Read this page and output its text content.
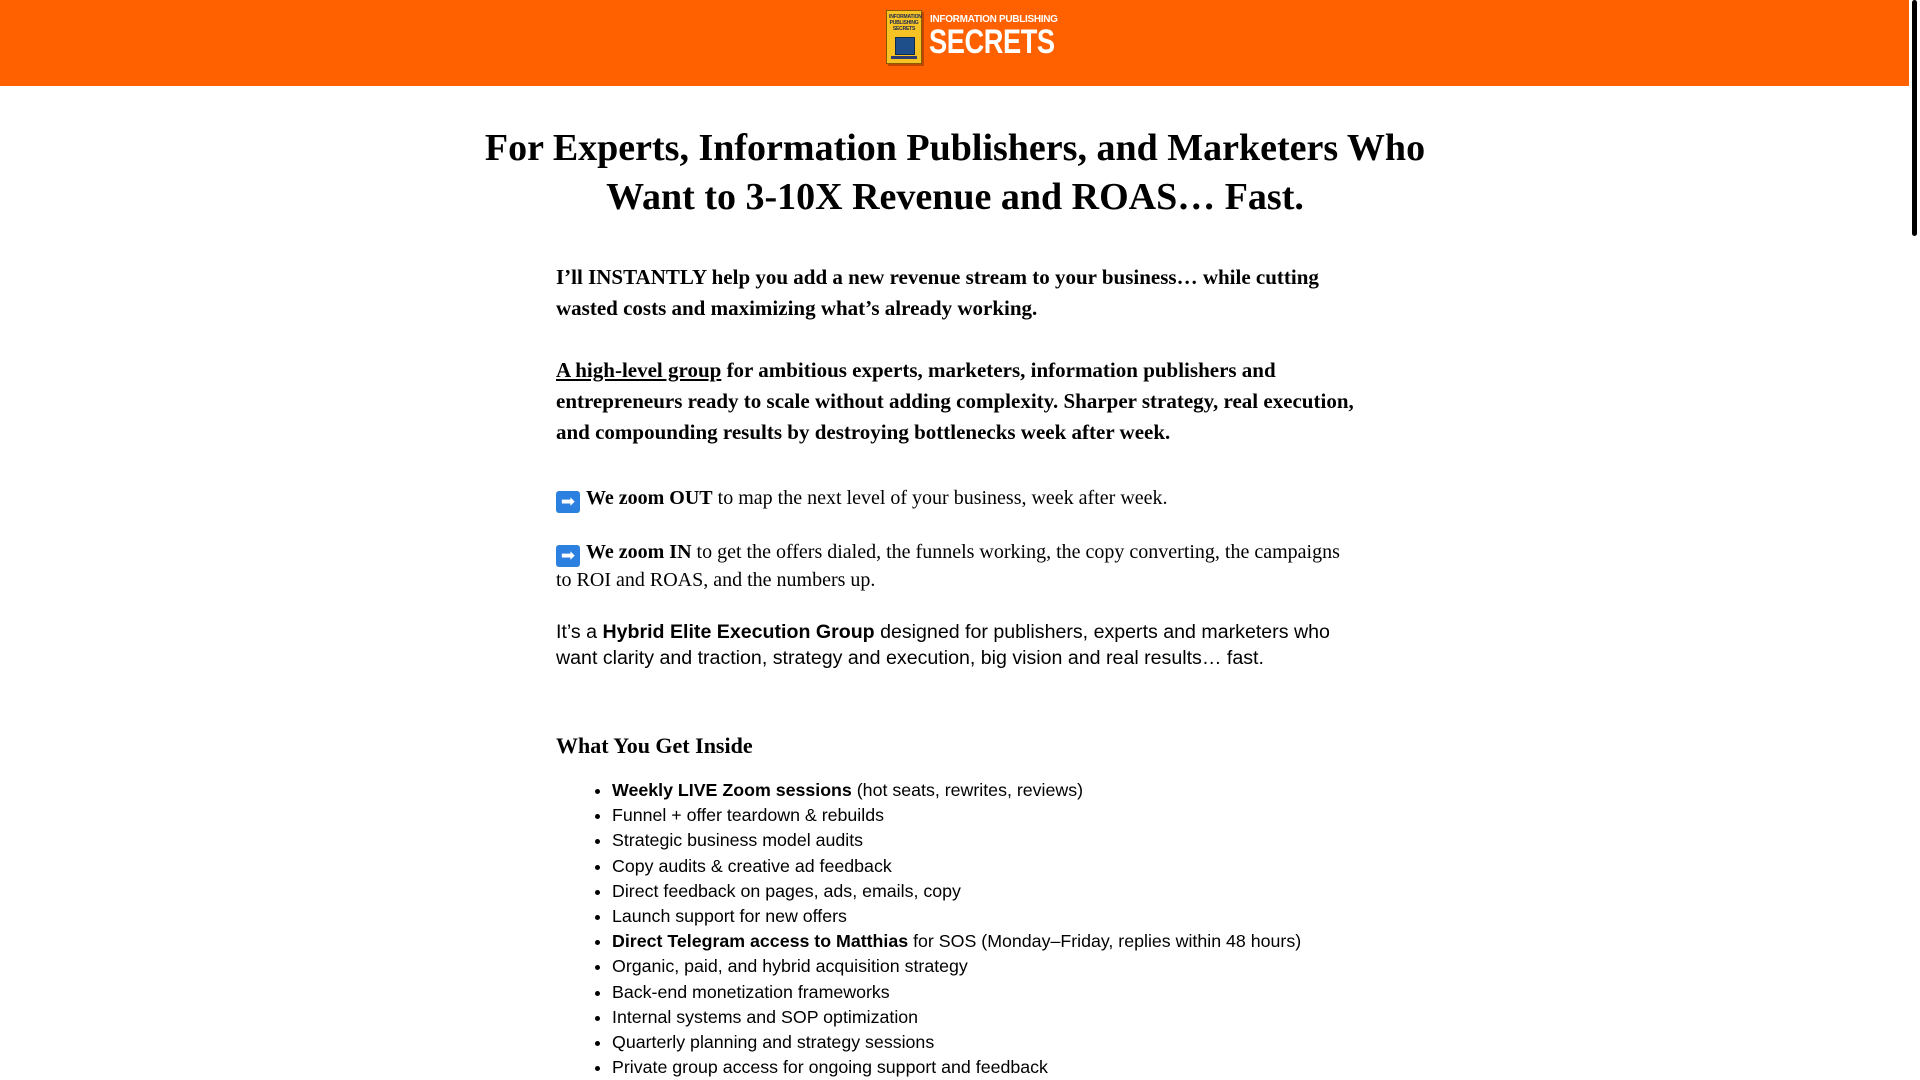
INFORMATION PUBLISHING SECRETS
INFORMATION PUBLISHING
SECRETS
For Experts, Information Publishers, and Marketers Who Want to 3-10X Revenue and ROAS… Fast.

I’ll INSTANTLY help you add a new revenue stream to your business… while cutting wasted costs and maximizing what’s already working.

A high-level group for ambitious experts, marketers, information publishers and entrepreneurs ready to scale without adding complexity. Sharper strategy, real execution, and compounding results by destroying bottlenecks week after week.

➡ We zoom OUT to map the next level of your business, week after week.

➡ We zoom IN to get the offers dialed, the funnels working, the copy converting, the campaigns to ROI and ROAS, and the numbers up.

It’s a Hybrid Elite Execution Group designed for publishers, experts and marketers who want clarity and traction, strategy and execution, big vision and real results… fast.

What You Get Inside
• Weekly LIVE Zoom sessions (hot seats, rewrites, reviews)
• Funnel + offer teardown & rebuilds
• Strategic business model audits
• Copy audits & creative ad feedback
• Direct feedback on pages, ads, emails, copy
• Launch support for new offers
• Direct Telegram access to Matthias for SOS (Monday–Friday, replies within 48 hours)
• Organic, paid, and hybrid acquisition strategy
• Back-end monetization frameworks
• Internal systems and SOP optimization
• Quarterly planning and strategy sessions
• Private group access for ongoing support and feedback
